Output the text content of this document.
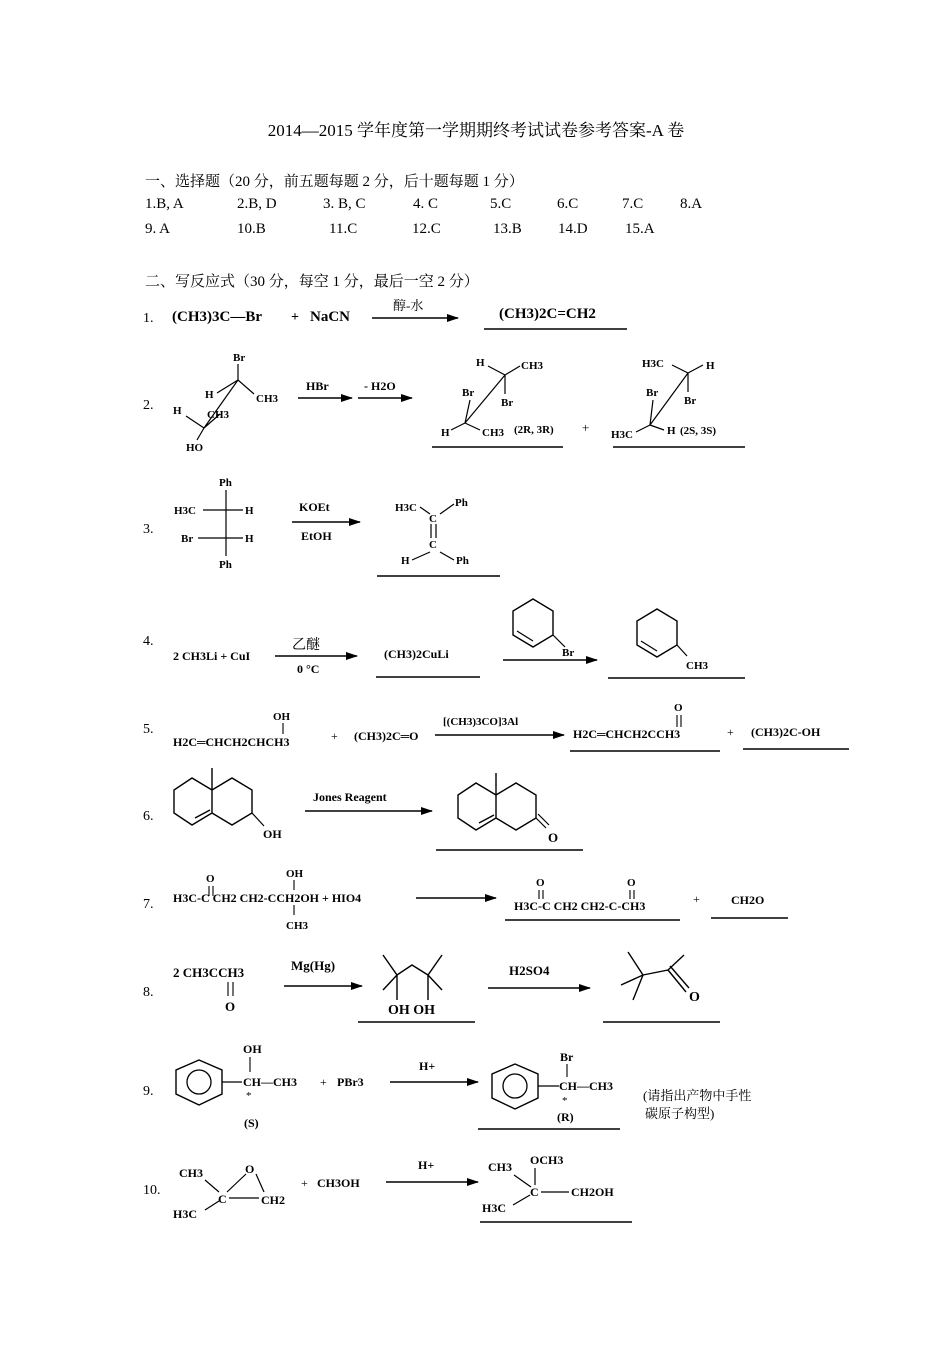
2014—2015 学年度第一学期期终考试试卷参考答案-A 卷
一、选择题（20 分，前五题每题 2 分，后十题每题 1 分）
1.B, A	2.B, D	3. B, C	4. C	5.C	6.C	7.C 8.A
9. A	10.B	11.C	12.C	13.B 14.D 15.A
二、写反应式（30 分，每空 1 分，最后一空 2 分）
1. (CH3)3C—Br + NaCN
醇-水
(CH3)2C=CH2
2.
Br
H	CH3
H CH3
HO
HBr	- H2O
H	CH3
Br
Br
H	CH3 (2R, 3R) +
H3C	H
Br
Br
H3C	H (2S, 3S)
3.
Ph
H3C	H
Br	H
Ph
KOEt
EtOH
H3C	Ph
C
C
H	Ph
4.
2 CH3Li + CuI
乙醚
0 °C
(CH3)2CuLi	Br
CH3
5.
OH
H2C═CHCH2CHCH3	+ (CH3)2C═O
[(CH3)3CO]3Al
O
H2C═CHCH2CCH3	+ (CH3)2C-OH
6.
OH
Jones Reagent
O
7.
O	OH
H3C-C CH2 CH2-CCH2OH + HIO4
CH3
O	O
H3C-C CH2 CH2-C-CH3	+	CH2O
8.
2 CH3CCH3
O
Mg(Hg)
OH OH
H2SO4
O
9.
OH
CH—CH3
*
(S)
+ PBr3
H+
Br
CH—CH3
*
(R)
(请指出产物中手性
碳原子构型)
10.
CH3	O
C	CH2
H3C
+ CH3OH
H+	CH3 OCH3
C	CH2OH
H3C
